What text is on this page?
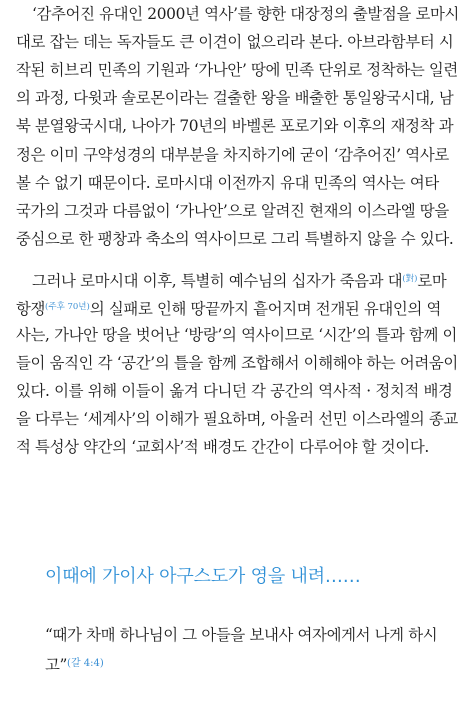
‘감추어진 유대인 2000년 역사’를 향한 대장정의 출발점을 로마시
대로 잡는 데는 독자들도 큰 이견이 없으리라 본다. 아브라함부터 시
작된 히브리 민족의 기원과 ‘가나안’ 땅에 민족 단위로 정착하는 일련
의 과정, 다윗과 솔로몬이라는 걸출한 왕을 배출한 통일왕국시대, 남
북 분열왕국시대, 나아가 70년의 바벨론 포로기와 이후의 재정착 과
정은 이미 구약성경의 대부분을 차지하기에 굳이 ‘감추어진’ 역사로
볼 수 없기 때문이다. 로마시대 이전까지 유대 민족의 역사는 여타
국가의 그것과 다름없이 ‘가나안’으로 알려진 현재의 이스라엘 땅을
중심으로 한 팽창과 축소의 역사이므로 그리 특별하지 않을 수 있다.
그러나 로마시대 이후, 특별히 예수님의 십자가 죽음과 대$^{(對)}$로마
항쟁$^{(주후 70년)}$의 실패로 인해 땅끝까지 흩어지며 전개된 유대인의 역
사는, 가나안 땅을 벗어난 ‘방랑’의 역사이므로 ‘시간’의 틀과 함께 이
들이 움직인 각 ‘공간’의 틀을 함께 조합해서 이해해야 하는 어려움이
있다. 이를 위해 이들이 옮겨 다니던 각 공간의 역사적 · 정치적 배경
을 다루는 ‘세계사’의 이해가 필요하며, 아울러 선민 이스라엘의 종교
적 특성상 약간의 ‘교회사’적 배경도 간간이 다루어야 할 것이다.
이때에 가이사 아구스도가 영을 내려……
“때가 차매 하나님이 그 아들을 보내사 여자에게서 나게 하시
고”$^{(갈 4:4)}$
